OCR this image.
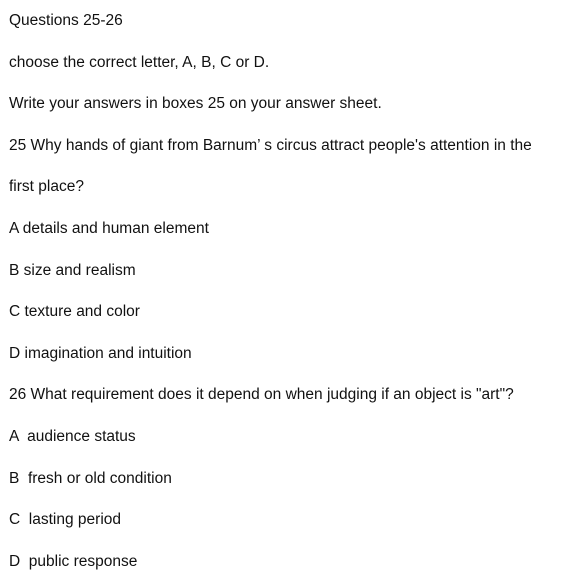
Questions 25-26
choose the correct letter, A, B, C or D.
Write your answers in boxes 25 on your answer sheet.
25 Why hands of giant from Barnum’ s circus attract people's attention in the
first place?
A details and human element
B size and realism
C texture and color
D imagination and intuition
26 What requirement does it depend on when judging if an object is "art"?
A  audience status
B  fresh or old condition
C  lasting period
D  public response
